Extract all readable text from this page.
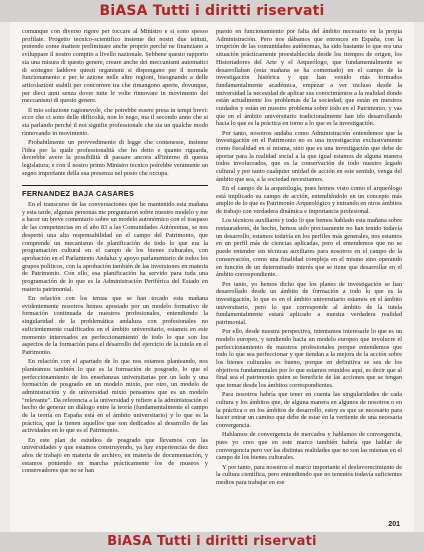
BiASA Tutti i diritti riservati

comunque con diverso rigore per toccare al Ministro e si sono spesso profilate. Progetto tecnico-scientifico insieme dei nostri due istituti, ponendo come mattere preliminare anche proprio perché ne finanziano a sviluppare il nostro compito a livello nazionale. Sebbene questo rapporto sia una misura di questo genere, creare anche dei meccanismi automatici di sostegno laddove questi organismi si dispongano per il normale funzionamento e per le azione nelle altre regioni, bisognando a delle articolazioni stabili per concorrere tra che rimangono aperte, dovunque, per dieci anni senza dover tutte le volte rinnovare in movimento dei meccanismi di questo genere.

Il mio soluzione ragionevole, che potrebbe essere presa in tempi brevi: ecco che ci sono delle difficoltà, non lo nego, ma il secondo anno che si sta parlando perché il noi signifie professionale che sia un qualche modo rinnovando in movimento.

Probabilmente un provvedimento di legge che contenesse, insieme l'idea per la quale professionalità che ho detto e quanto riguarda, dovrebbe avere la possibilità di passare ancora all'interno di questa legislatura; e con il nostro primo Ministro tecnico potrebbe veramente un segno importante della sua presenza nel posto che occupa.

FERNANDEZ BAJA CASARES

En el transcurso de las conversaciones que he mantenido esta mañana y esta tarde, algunas personas me preguntaron sobre nuestro modelo y me a hacer un breve comentario sobre un modelo autonómico con el traspaso de las competencias en el año 83 a las Comunidades Autónomas, se nos despertó una alta responsabilidad en el campo del Patrimonio, que comprende un mecanismo de planificación de todo lo que era la programación cultural en el campo de los bienes culturales, con aprobación en el Parlamento Andaluz y apoyo parlamentario de todos los grupos políticos, con la aprobación también de las inversiones en materia de Patrimonio. Con ello, esa planificación ha servido para toda una programación de lo que es la Administración Periférica del Estado en materia patrimonial.

En relación con los temas que se han tocado esta mañana evidentemente nosotros hemos apostado por un modelo formativo de formación continuada de nuestros profesionales, entendiendo la singularidad de la problemática andaluza con profesionales no suficientemente cualificados en el ámbito universitario, estamos en este momento interesados en perfeccionamiento de todo lo que son los aspectos de la formación para el desarrollo del ejercicio de la tutela en el Patrimonio.

En relación con el apartado de lo que nos estamos planteando, nos planteamos también lo que es la formación de posgrado, lo que el perfeccionamiento de los enseñanzas universitarias por un lado y una formación de posgrado en un modelo mixto, por otro, un modelo de administración y de universidad mixto pensamos que es un modelo "relevante". Da referencia a la universidad y refiere a la administración el hecho de generar un diálogo entre la teoría (fundamentalmente el campo de la teoría en España está en el ámbito universitario) y lo que es la práctica, que la tienen aquellos que son dedicados al desarrollo de las actividades en lo que es el Patrimonio.

En este plan de estudios de posgrado que llevamos con las universidades y que estamos construyendo, ya hay experiencias de diez años de trabajo en materia de archivo, en materia de documentación, y estamos poniendo en marcha prácticamente los de museos y conservadores que no se han

puesto en funcionamiento por falta del ámbito necesario en la propia Administración. Pero nos dábamos que entonces en España, con la irrupción de las comunidades autónomas, ha sido bastante lo que era una situación prácticamente preestablecida desde los tiempos de origen, los Historiadores del Arte y el Arqueólogo, que fundamentalmente se desarrollaban (esta mañana se ha comentado) en el campo de la investigación histórica y que han venido más formados fundamentalmente académica, empezar a ver incluso desde la universidad la necesidad de aplicar sus conocimientos a la realidad donde están actualmente los problemas de la sociedad; que están en nuestros cuidados y están en nuestro problema sobre todo en el Patrimonio, y vas que en el ámbito universitario tradicionalmente han ido desarrollando hacia lo que es la práctica en torno a lo que es la investigación.

Por tanto, nosotros andaba como Administración entendemos que la investigación en el Patrimonio no es una investigación exclusivamente como fiscalidad en sí misma, sino que es una investigación que debe de aportar para la realidad social a la que igual estamos de alguna manera todos involucrados, que es la conservación de todo nuestro legado cultural y por tanto cualquier unidad de acción en este sentido, venga del ámbito que sea, a la sociedad necesitamos.

En el campo de la arqueología, pues hemos visto como el arqueólogo está implicado su campo de acción, entendiéndolo en un concepto más amplio de lo que es Patrimonio Arqueológico y entrando en otros ámbitos de trabajo con verdadera dinámica e importancia profesional.

Los técnicos auxiliares y todo lo que hemos hablado esta mañana sobre restauradores, de hecho, hemos sido precisamente no han tenido todavía un desarrollo, estamos todavía en los perfiles más generales, nos estamos en un perfil más de ciencias aplicadas, pero el entendemos que no se puede entender sin técnicas auxiliares para nosotros en el campo de la conservación, como una finalidad compleja en el mismo sino operando en función de un determinado interés que se tiene que desarrollar en el ámbito correspondiente.

Por tanto, yo hemos dicho que los planes de investigación se han desarrollado desde un ámbito de formación a todo lo que es la investigación, lo que es en el ámbito universitario estamos en el ámbito universitario, pero lo que corresponde al ámbito de la tutela fundamentalmente estará aplicado a nuestra verdadera realidad patrimonial.

Por ello, desde nuestra perspectiva, intentamos interesarle lo que es un modelo europeo, y tendiendo hacia un modelo europeo que involucre el perfeccionamiento de nuestros profesionales porque entendemos que todo lo que sea perfeccionar y que tiendan a la mejora de la acción sobre los bienes culturales es bueno, porque en definitiva se sea de los objetivos fundamentales por lo que estamos reunidos aquí, es decir que al final sea el patrimonio quien se beneficie de las acciones que se tengan que tomar desde los ámbitos correspondientes.

Para nosotros habría que tener en cuenta las singularidades de cada cultura y los ámbitos que, de alguna manera en algunos de nosotros o en la práctica o en los ámbitos de desarrollo, estoy es que se necesario para hacer entrar un camino que debe de estar en la vertiente de una necesaria convergencia.

Hablamos de convergencia de mercados y hablamos de convergencia, pues yo creo que en este marco también habría que hablar de convergencia pero ver las distintas realidades que no son las mismas en el campo de los bienes culturales.

Y por tanto, para nosotros el marco importante el desfavorecimiento de la cultura científica, pero entendiendo que no tenemos todavía suficientes medios para trabajar en ese

201
BiASA Tutti i diritti riservati
